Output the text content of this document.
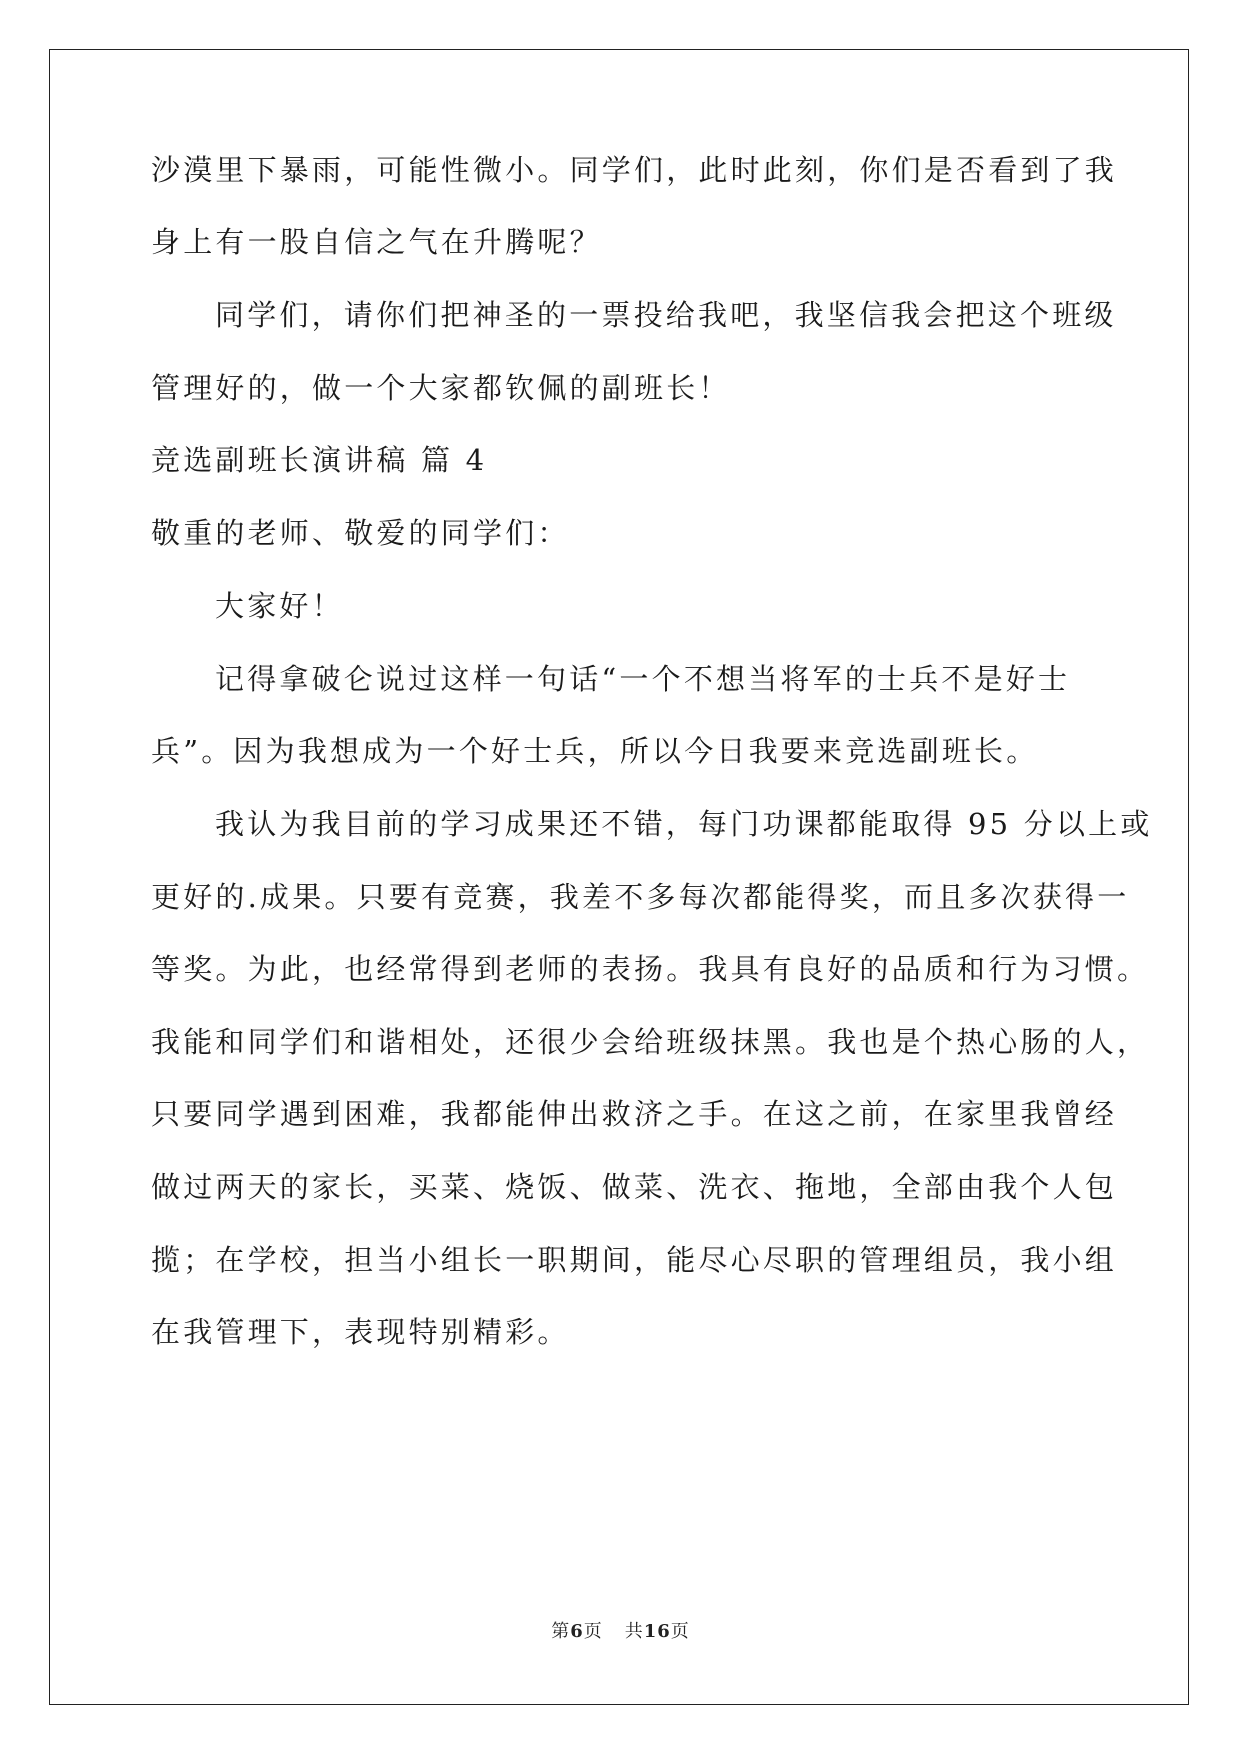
沙漠里下暴雨，可能性微小。同学们，此时此刻，你们是否看到了我
身上有一股自信之气在升腾呢？
同学们，请你们把神圣的一票投给我吧，我坚信我会把这个班级
管理好的，做一个大家都钦佩的副班长！
竞选副班长演讲稿 篇 4
敬重的老师、敬爱的同学们：
大家好！
记得拿破仑说过这样一句话“一个不想当将军的士兵不是好士
兵”。因为我想成为一个好士兵，所以今日我要来竞选副班长。
我认为我目前的学习成果还不错，每门功课都能取得 95 分以上或
更好的.成果。只要有竞赛，我差不多每次都能得奖，而且多次获得一
等奖。为此，也经常得到老师的表扬。我具有良好的品质和行为习惯。
我能和同学们和谐相处，还很少会给班级抹黑。我也是个热心肠的人，
只要同学遇到困难，我都能伸出救济之手。在这之前，在家里我曾经
做过两天的家长，买菜、烧饭、做菜、洗衣、拖地，全部由我个人包
揽；在学校，担当小组长一职期间，能尽心尽职的管理组员，我小组
在我管理下，表现特别精彩。
第6页 共16页
